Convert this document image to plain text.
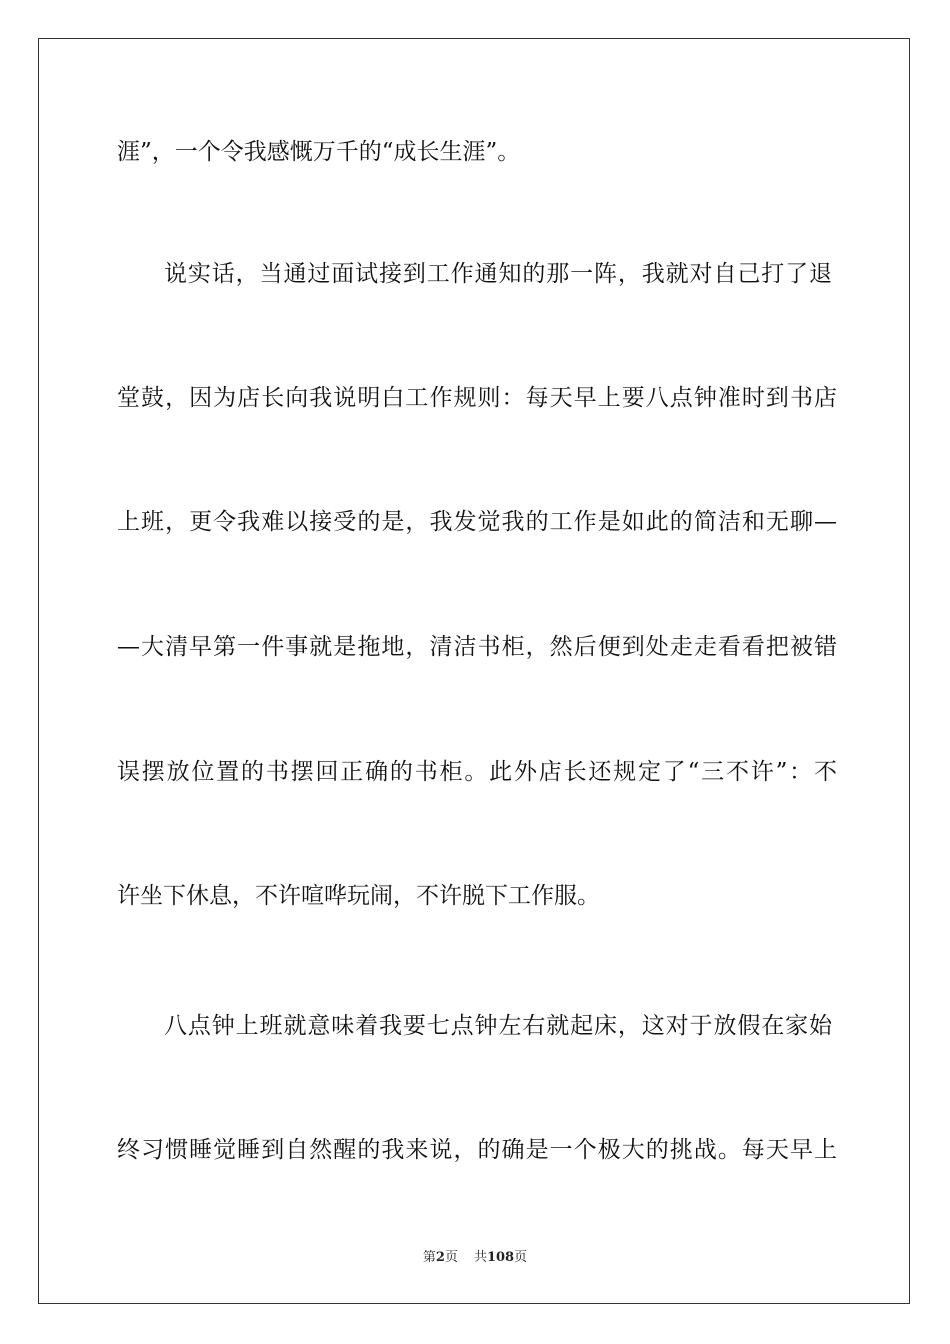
涯”，一个令我感慨万千的“成长生涯”。
说实话，当通过面试接到工作通知的那一阵，我就对自己打了退
堂鼓，因为店长向我说明白工作规则：每天早上要八点钟准时到书店
上班，更令我难以接受的是，我发觉我的工作是如此的简洁和无聊—
—大清早第一件事就是拖地，清洁书柜，然后便到处走走看看把被错
误摆放位置的书摆回正确的书柜。此外店长还规定了“三不许”：不
许坐下休息，不许喧哗玩闹，不许脱下工作服。
八点钟上班就意味着我要七点钟左右就起床，这对于放假在家始
终习惯睡觉睡到自然醒的我来说，的确是一个极大的挑战。每天早上
第2页 共108页
